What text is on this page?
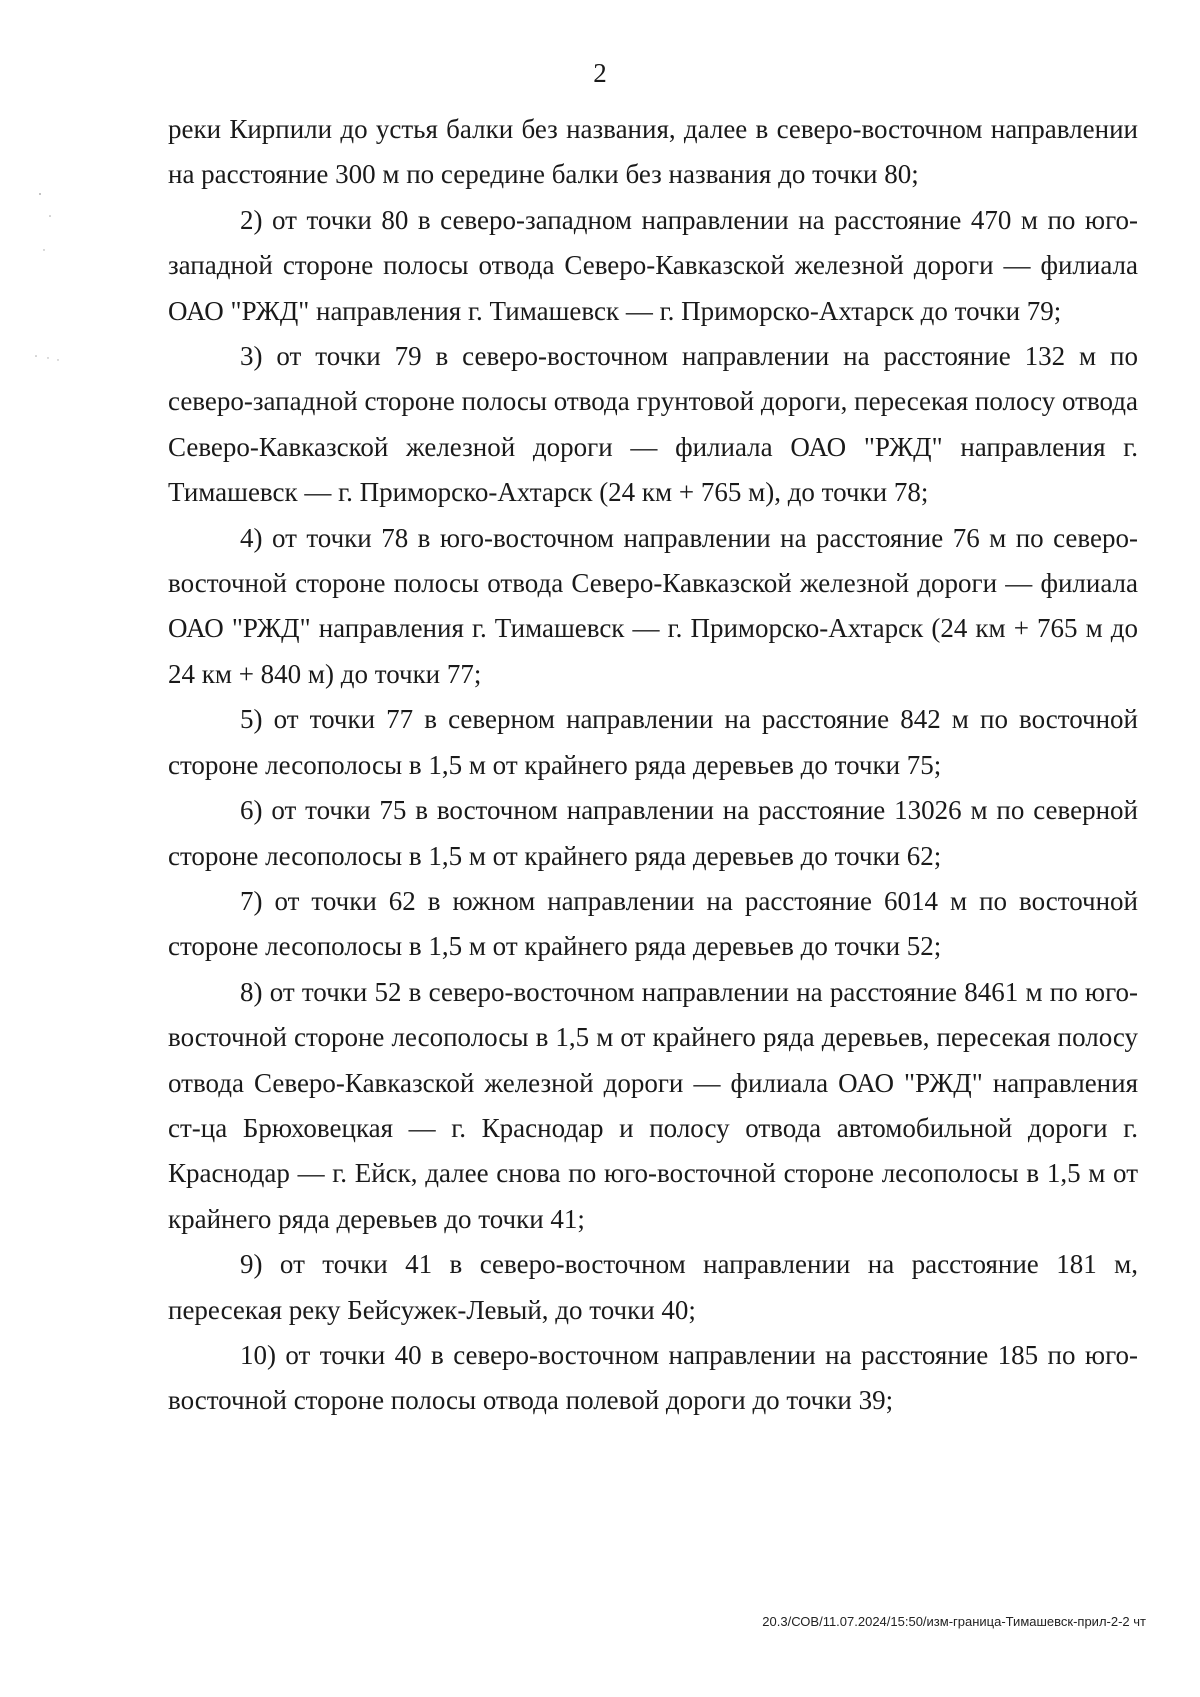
2

реки Кирпили до устья балки без названия, далее в северо-восточном направлении на расстояние 300 м по середине балки без названия до точки 80;

2) от точки 80 в северо-западном направлении на расстояние 470 м по юго-западной стороне полосы отвода Северо-Кавказской железной дороги — филиала ОАО "РЖД" направления г. Тимашевск — г. Приморско-Ахтарск до точки 79;

3) от точки 79 в северо-восточном направлении на расстояние 132 м по северо-западной стороне полосы отвода грунтовой дороги, пересекая полосу отвода Северо-Кавказской железной дороги — филиала ОАО "РЖД" направления г. Тимашевск — г. Приморско-Ахтарск (24 км + 765 м), до точки 78;

4) от точки 78 в юго-восточном направлении на расстояние 76 м по северо-восточной стороне полосы отвода Северо-Кавказской железной дороги — филиала ОАО "РЖД" направления г. Тимашевск — г. Приморско-Ахтарск (24 км + 765 м до 24 км + 840 м) до точки 77;

5) от точки 77 в северном направлении на расстояние 842 м по восточной стороне лесополосы в 1,5 м от крайнего ряда деревьев до точки 75;

6) от точки 75 в восточном направлении на расстояние 13026 м по северной стороне лесополосы в 1,5 м от крайнего ряда деревьев до точки 62;

7) от точки 62 в южном направлении на расстояние 6014 м по восточной стороне лесополосы в 1,5 м от крайнего ряда деревьев до точки 52;

8) от точки 52 в северо-восточном направлении на расстояние 8461 м по юго-восточной стороне лесополосы в 1,5 м от крайнего ряда деревьев, пересекая полосу отвода Северо-Кавказской железной дороги — филиала ОАО "РЖД" направления ст-ца Брюховецкая — г. Краснодар и полосу отвода автомобильной дороги г. Краснодар — г. Ейск, далее снова по юго-восточной стороне лесополосы в 1,5 м от крайнего ряда деревьев до точки 41;

9) от точки 41 в северо-восточном направлении на расстояние 181 м, пересекая реку Бейсужек-Левый, до точки 40;

10) от точки 40 в северо-восточном направлении на расстояние 185 по юго-восточной стороне полосы отвода полевой дороги до точки 39;

20.3/СОВ/11.07.2024/15:50/изм-граница-Тимашевск-прил-2-2 чт
